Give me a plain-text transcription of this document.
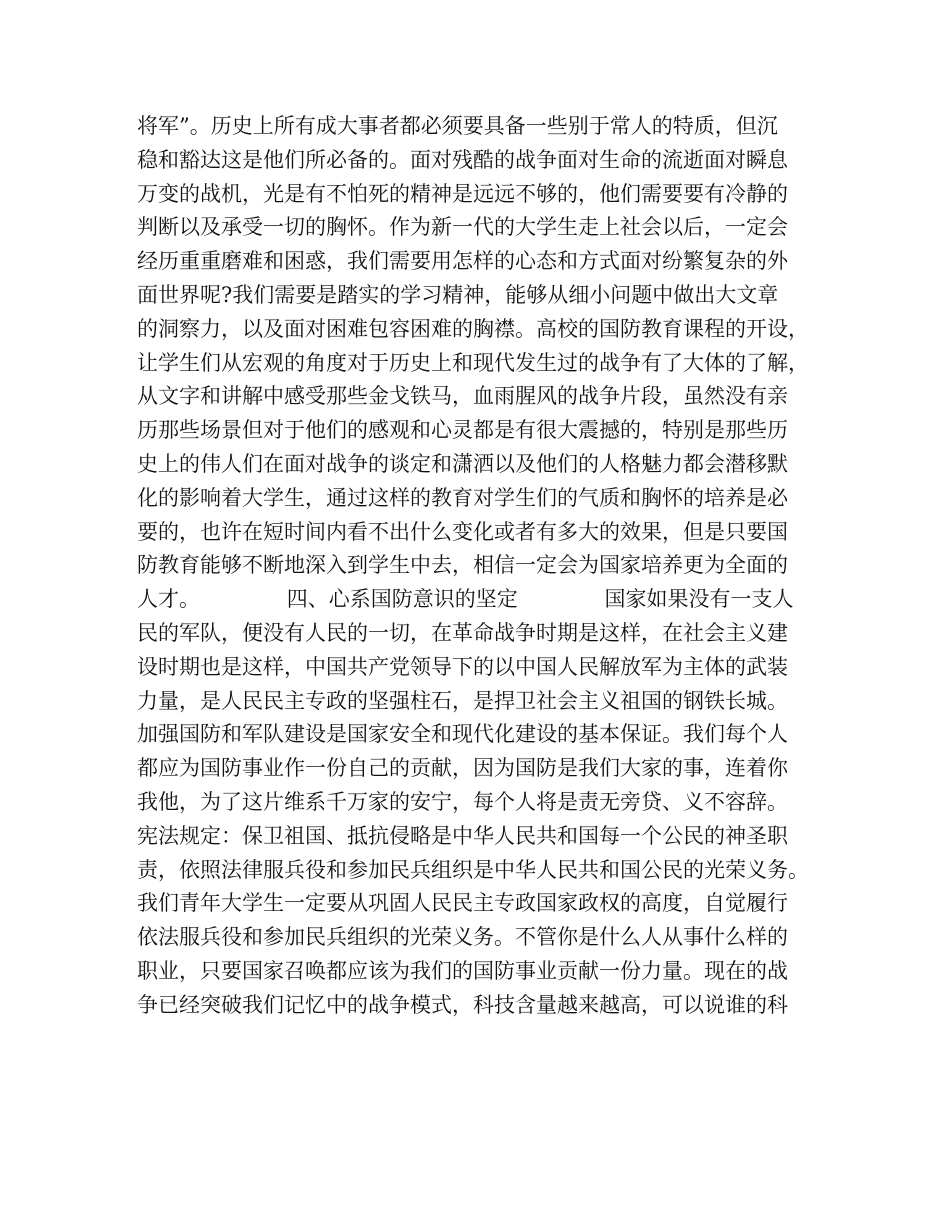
将军”。历史上所有成大事者都必须要具备一些别于常人的特质，但沉
稳和豁达这是他们所必备的。面对残酷的战争面对生命的流逝面对瞬息
万变的战机，光是有不怕死的精神是远远不够的，他们需要要有冷静的
判断以及承受一切的胸怀。作为新一代的大学生走上社会以后，一定会
经历重重磨难和困惑，我们需要用怎样的心态和方式面对纷繁复杂的外
面世界呢?我们需要是踏实的学习精神，能够从细小问题中做出大文章
的洞察力，以及面对困难包容困难的胸襟。高校的国防教育课程的开设，
让学生们从宏观的角度对于历史上和现代发生过的战争有了大体的了解，
从文字和讲解中感受那些金戈铁马，血雨腥风的战争片段，虽然没有亲
历那些场景但对于他们的感观和心灵都是有很大震撼的，特别是那些历
史上的伟人们在面对战争的谈定和潇洒以及他们的人格魅力都会潜移默
化的影响着大学生，通过这样的教育对学生们的气质和胸怀的培养是必
要的，也许在短时间内看不出什么变化或者有多大的效果，但是只要国
防教育能够不断地深入到学生中去，相信一定会为国家培养更为全面的
人才。             四、心系国防意识的坚定             国家如果没有一支人
民的军队，便没有人民的一切，在革命战争时期是这样，在社会主义建
设时期也是这样，中国共产党领导下的以中国人民解放军为主体的武装
力量，是人民民主专政的坚强柱石，是捍卫社会主义祖国的钢铁长城。
加强国防和军队建设是国家安全和现代化建设的基本保证。我们每个人
都应为国防事业作一份自己的贡献，因为国防是我们大家的事，连着你
我他，为了这片维系千万家的安宁，每个人将是责无旁贷、义不容辞。
宪法规定：保卫祖国、抵抗侵略是中华人民共和国每一个公民的神圣职
责，依照法律服兵役和参加民兵组织是中华人民共和国公民的光荣义务。
我们青年大学生一定要从巩固人民民主专政国家政权的高度，自觉履行
依法服兵役和参加民兵组织的光荣义务。不管你是什么人从事什么样的
职业，只要国家召唤都应该为我们的国防事业贡献一份力量。现在的战
争已经突破我们记忆中的战争模式，科技含量越来越高，可以说谁的科
